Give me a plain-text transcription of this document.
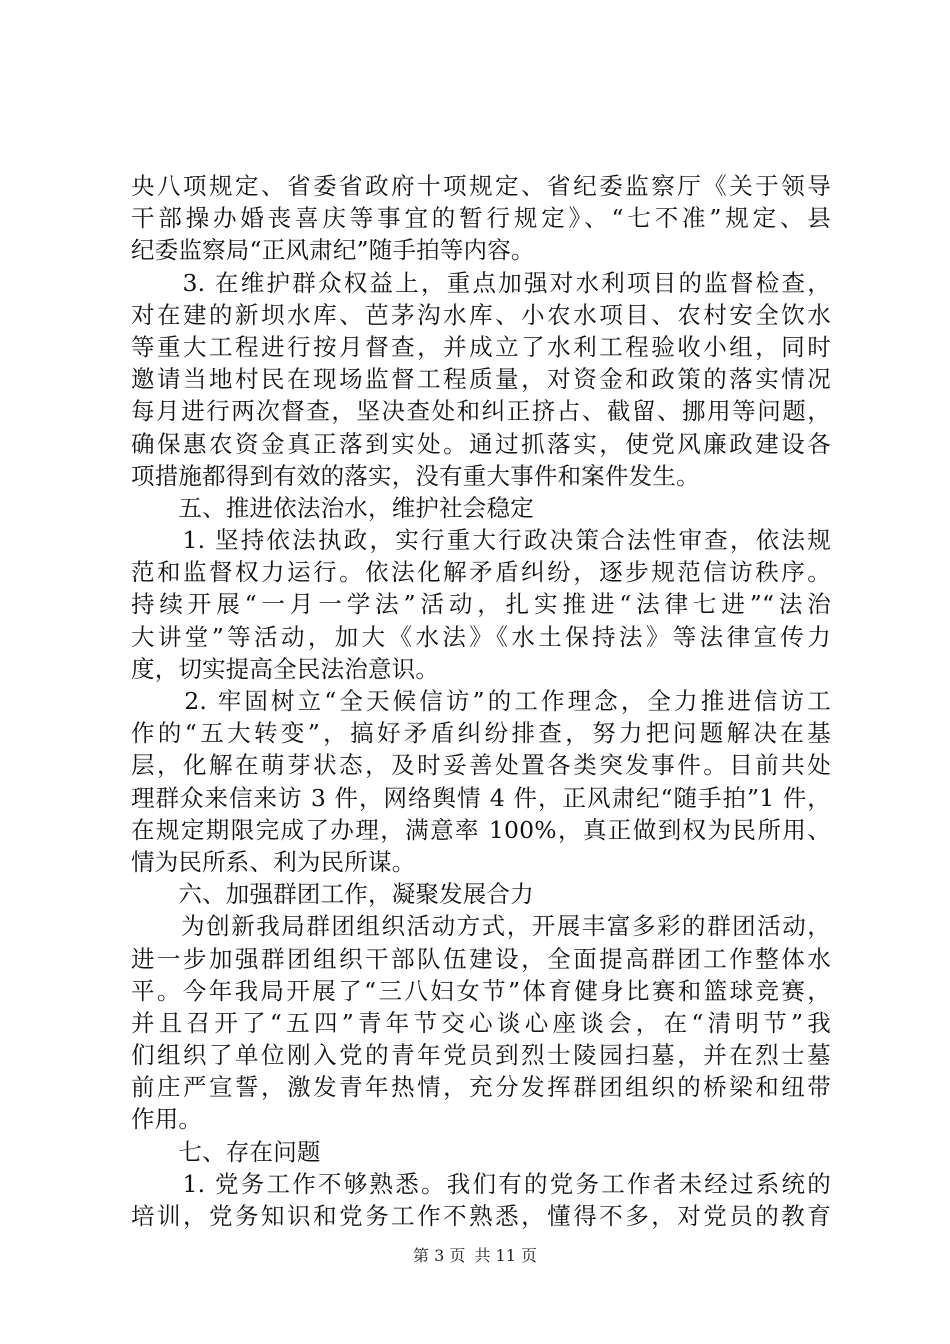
央八项规定、省委省政府十项规定、省纪委监察厅《关于领导
干部操办婚丧喜庆等事宜的暂行规定》、“七不准”规定、县
纪委监察局“正风肃纪”随手拍等内容。
　　3. 在维护群众权益上，重点加强对水利项目的监督检查，
对在建的新坝水库、芭茅沟水库、小农水项目、农村安全饮水
等重大工程进行按月督查，并成立了水利工程验收小组，同时
邀请当地村民在现场监督工程质量，对资金和政策的落实情况
每月进行两次督查，坚决查处和纠正挤占、截留、挪用等问题，
确保惠农资金真正落到实处。通过抓落实，使党风廉政建设各
项措施都得到有效的落实，没有重大事件和案件发生。
　　五、推进依法治水，维护社会稳定
　　1. 坚持依法执政，实行重大行政决策合法性审查，依法规
范和监督权力运行。依法化解矛盾纠纷，逐步规范信访秩序。
持续开展“一月一学法”活动，扎实推进“法律七进”“法治
大讲堂”等活动，加大《水法》《水土保持法》等法律宣传力
度，切实提高全民法治意识。
　　2. 牢固树立“全天候信访”的工作理念，全力推进信访工
作的“五大转变”，搞好矛盾纠纷排查，努力把问题解决在基
层，化解在萌芽状态，及时妥善处置各类突发事件。目前共处
理群众来信来访 3 件，网络舆情 4 件，正风肃纪“随手拍”1 件，
在规定期限完成了办理，满意率 100%，真正做到权为民所用、
情为民所系、利为民所谋。
　　六、加强群团工作，凝聚发展合力
　　为创新我局群团组织活动方式，开展丰富多彩的群团活动，
进一步加强群团组织干部队伍建设，全面提高群团工作整体水
平。今年我局开展了“三八妇女节”体育健身比赛和篮球竞赛，
并且召开了“五四”青年节交心谈心座谈会，在“清明节”我
们组织了单位刚入党的青年党员到烈士陵园扫墓，并在烈士墓
前庄严宣誓，激发青年热情，充分发挥群团组织的桥梁和纽带
作用。
　　七、存在问题
　　1. 党务工作不够熟悉。我们有的党务工作者未经过系统的
培训，党务知识和党务工作不熟悉，懂得不多，对党员的教育
第 3 页 共 11 页
